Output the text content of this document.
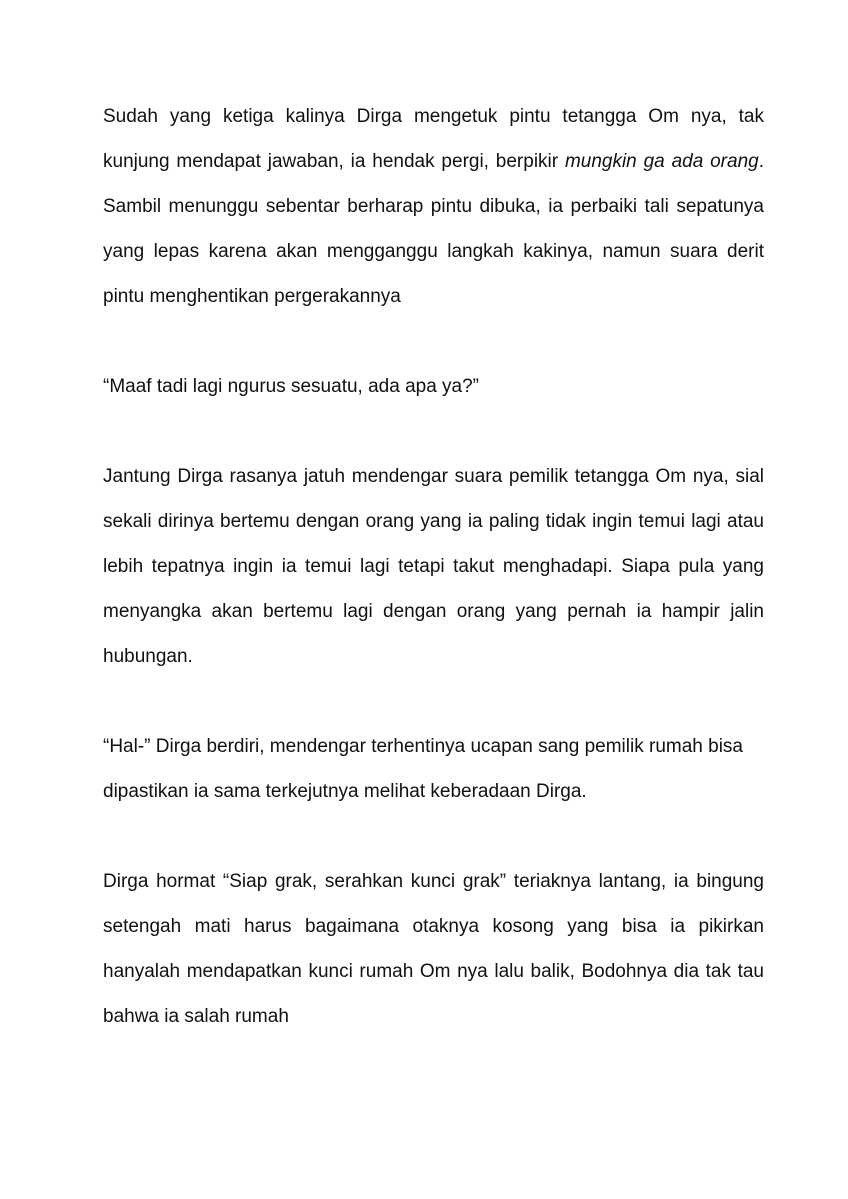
Sudah yang ketiga kalinya Dirga mengetuk pintu tetangga Om nya, tak kunjung mendapat jawaban, ia hendak pergi, berpikir mungkin ga ada orang. Sambil menunggu sebentar berharap pintu dibuka, ia perbaiki tali sepatunya yang lepas karena akan mengganggu langkah kakinya, namun suara derit pintu menghentikan pergerakannya

“Maaf tadi lagi ngurus sesuatu, ada apa ya?”

Jantung Dirga rasanya jatuh mendengar suara pemilik tetangga Om nya, sial sekali dirinya bertemu dengan orang yang ia paling tidak ingin temui lagi atau lebih tepatnya ingin ia temui lagi tetapi takut menghadapi. Siapa pula yang menyangka akan bertemu lagi dengan orang yang pernah ia hampir jalin hubungan.

“Hal-” Dirga berdiri, mendengar terhentinya ucapan sang pemilik rumah bisa dipastikan ia sama terkejutnya melihat keberadaan Dirga.

Dirga hormat “Siap grak, serahkan kunci grak” teriaknya lantang, ia bingung setengah mati harus bagaimana otaknya kosong yang bisa ia pikirkan hanyalah mendapatkan kunci rumah Om nya lalu balik, Bodohnya dia tak tau bahwa ia salah rumah
